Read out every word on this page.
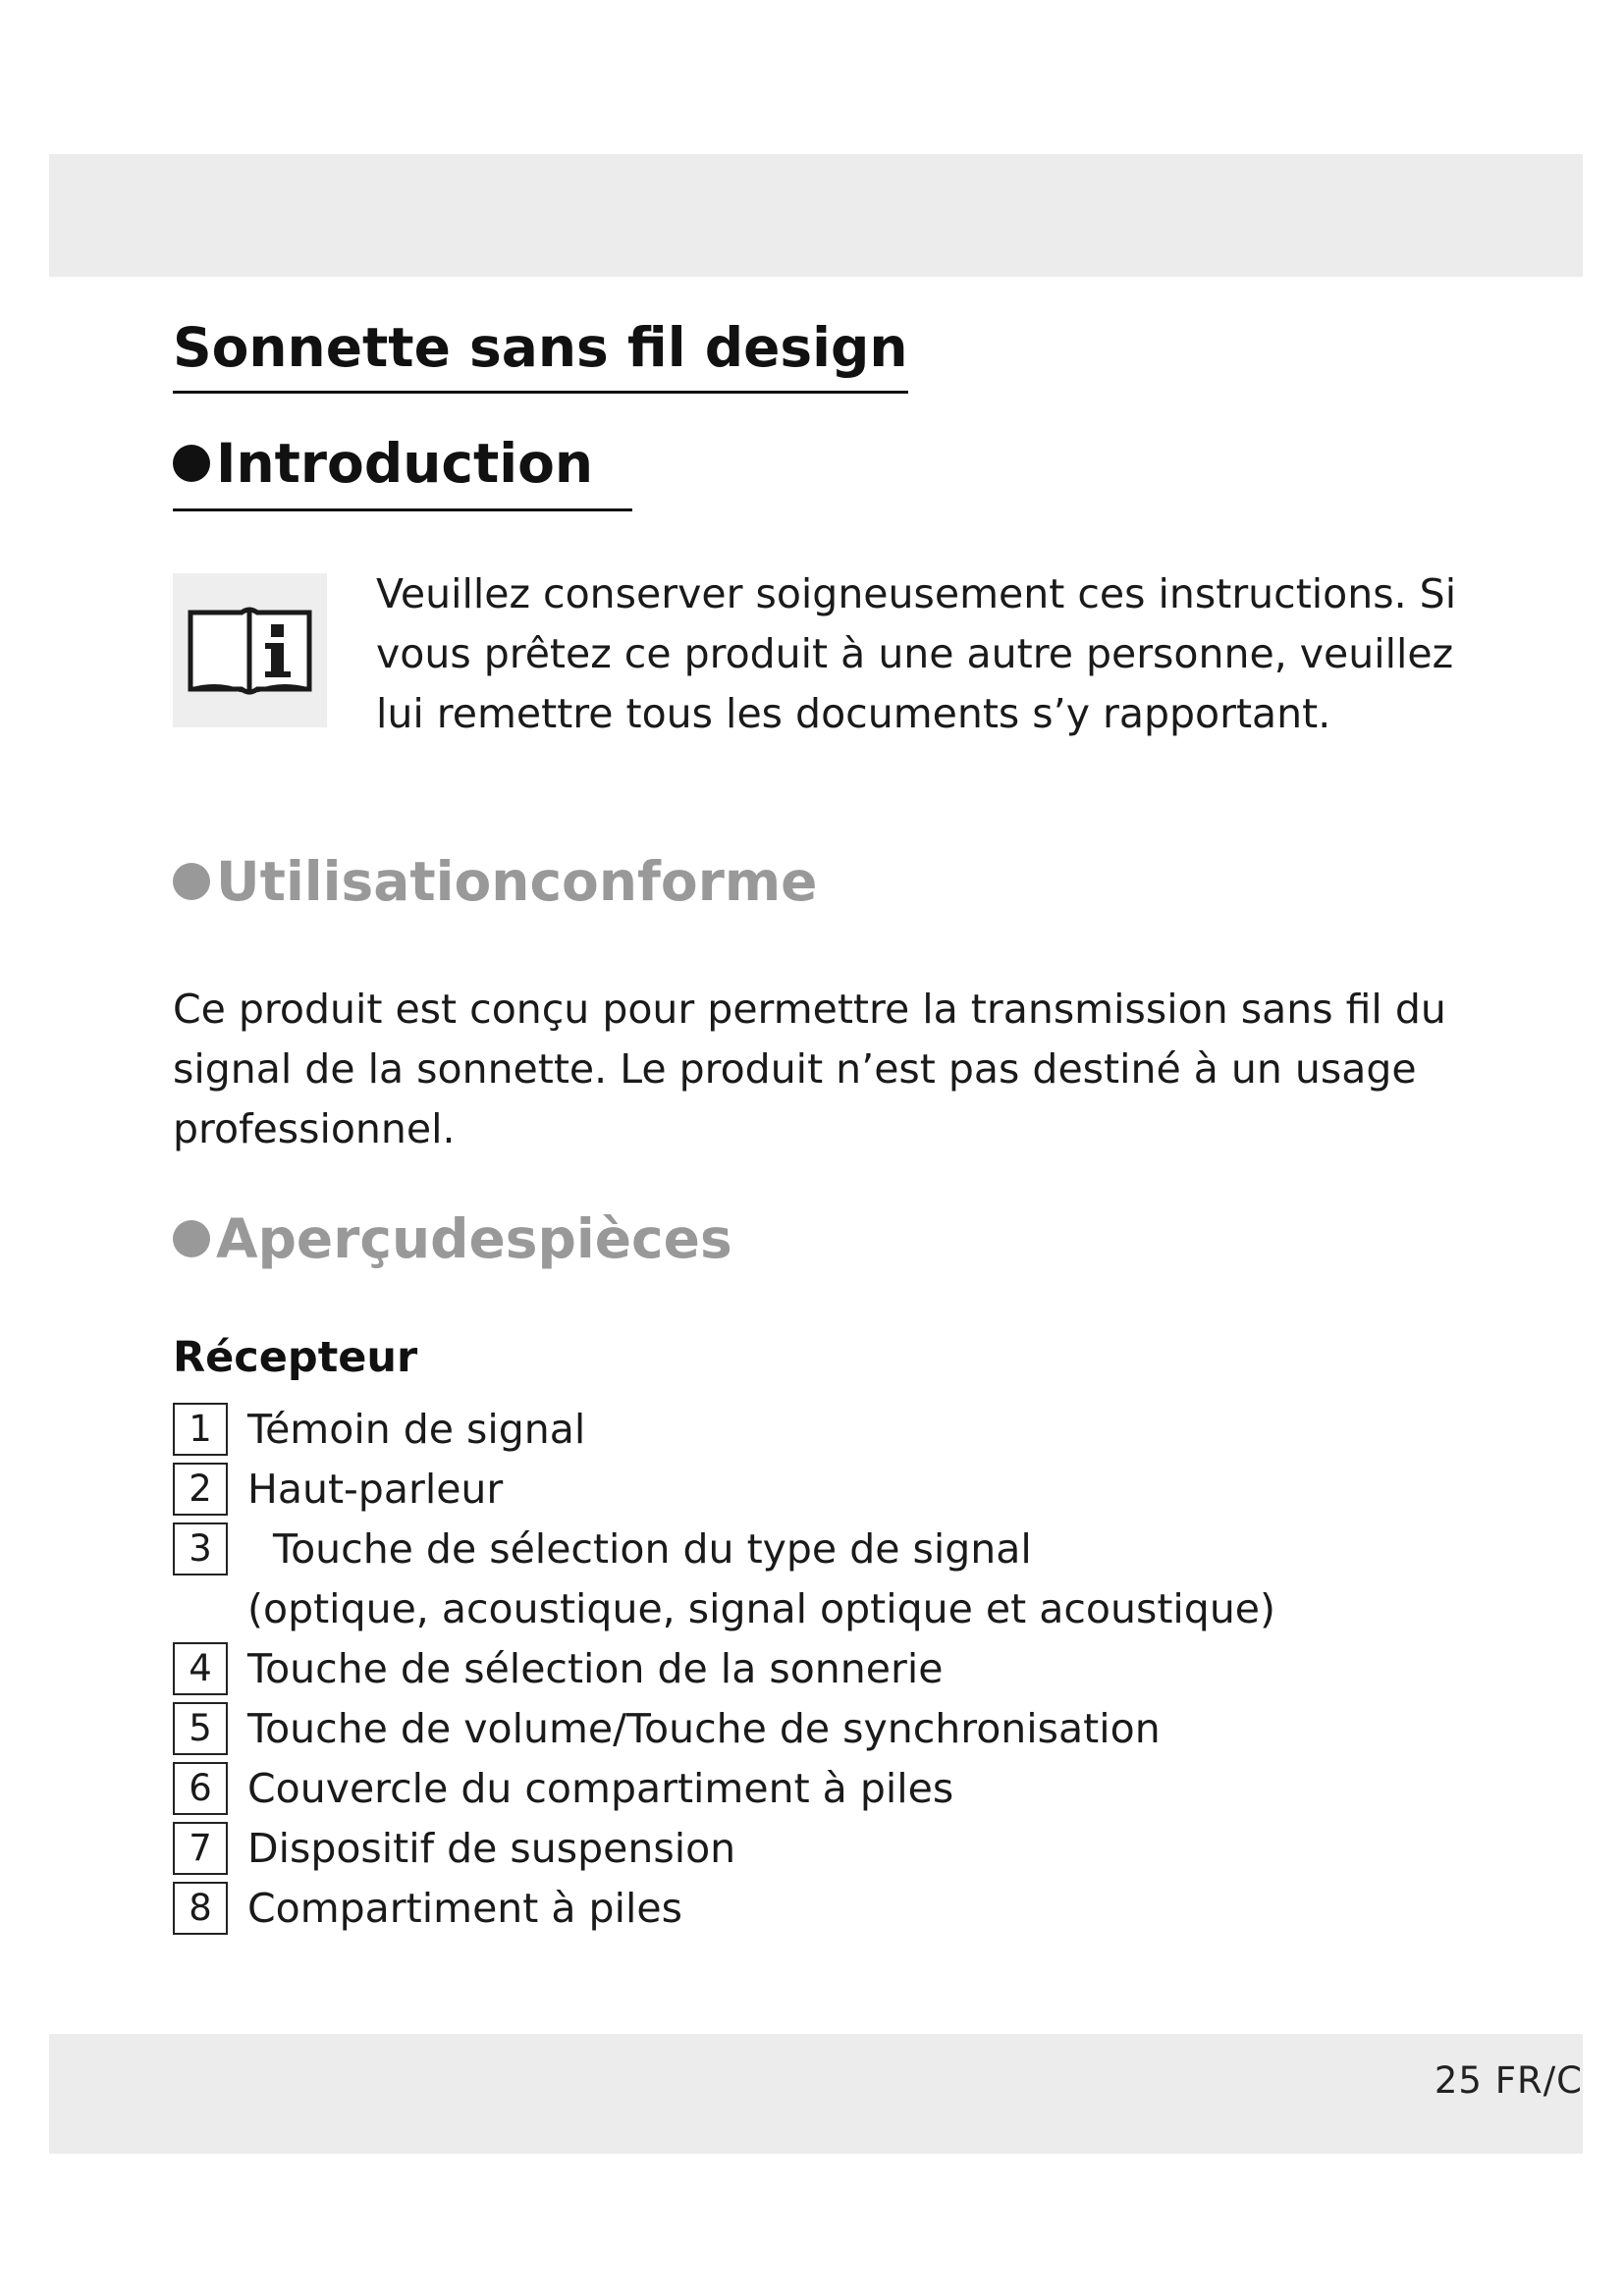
Sonnette sans fil design
Introduction

Veuillez conserver soigneusement ces instructions. Si vous prêtez ce produit à une autre personne, veuillez lui remettre tous les documents s’y rapportant.

Utilisationconforme

Ce produit est conçu pour permettre la transmission sans fil du signal de la sonnette. Le produit n’est pas destiné à un usage professionnel.

Aperçudespièces
Récepteur
1 Témoin de signal
2 Haut-parleur
3	Touche de sélection du type de signal
(optique, acoustique, signal optique et acoustique)
4 Touche de sélection de la sonnerie
5 Touche de volume/Touche de synchronisation
6 Couvercle du compartiment à piles
7 Dispositif de suspension
8 Compartiment à piles
25 FR/C
